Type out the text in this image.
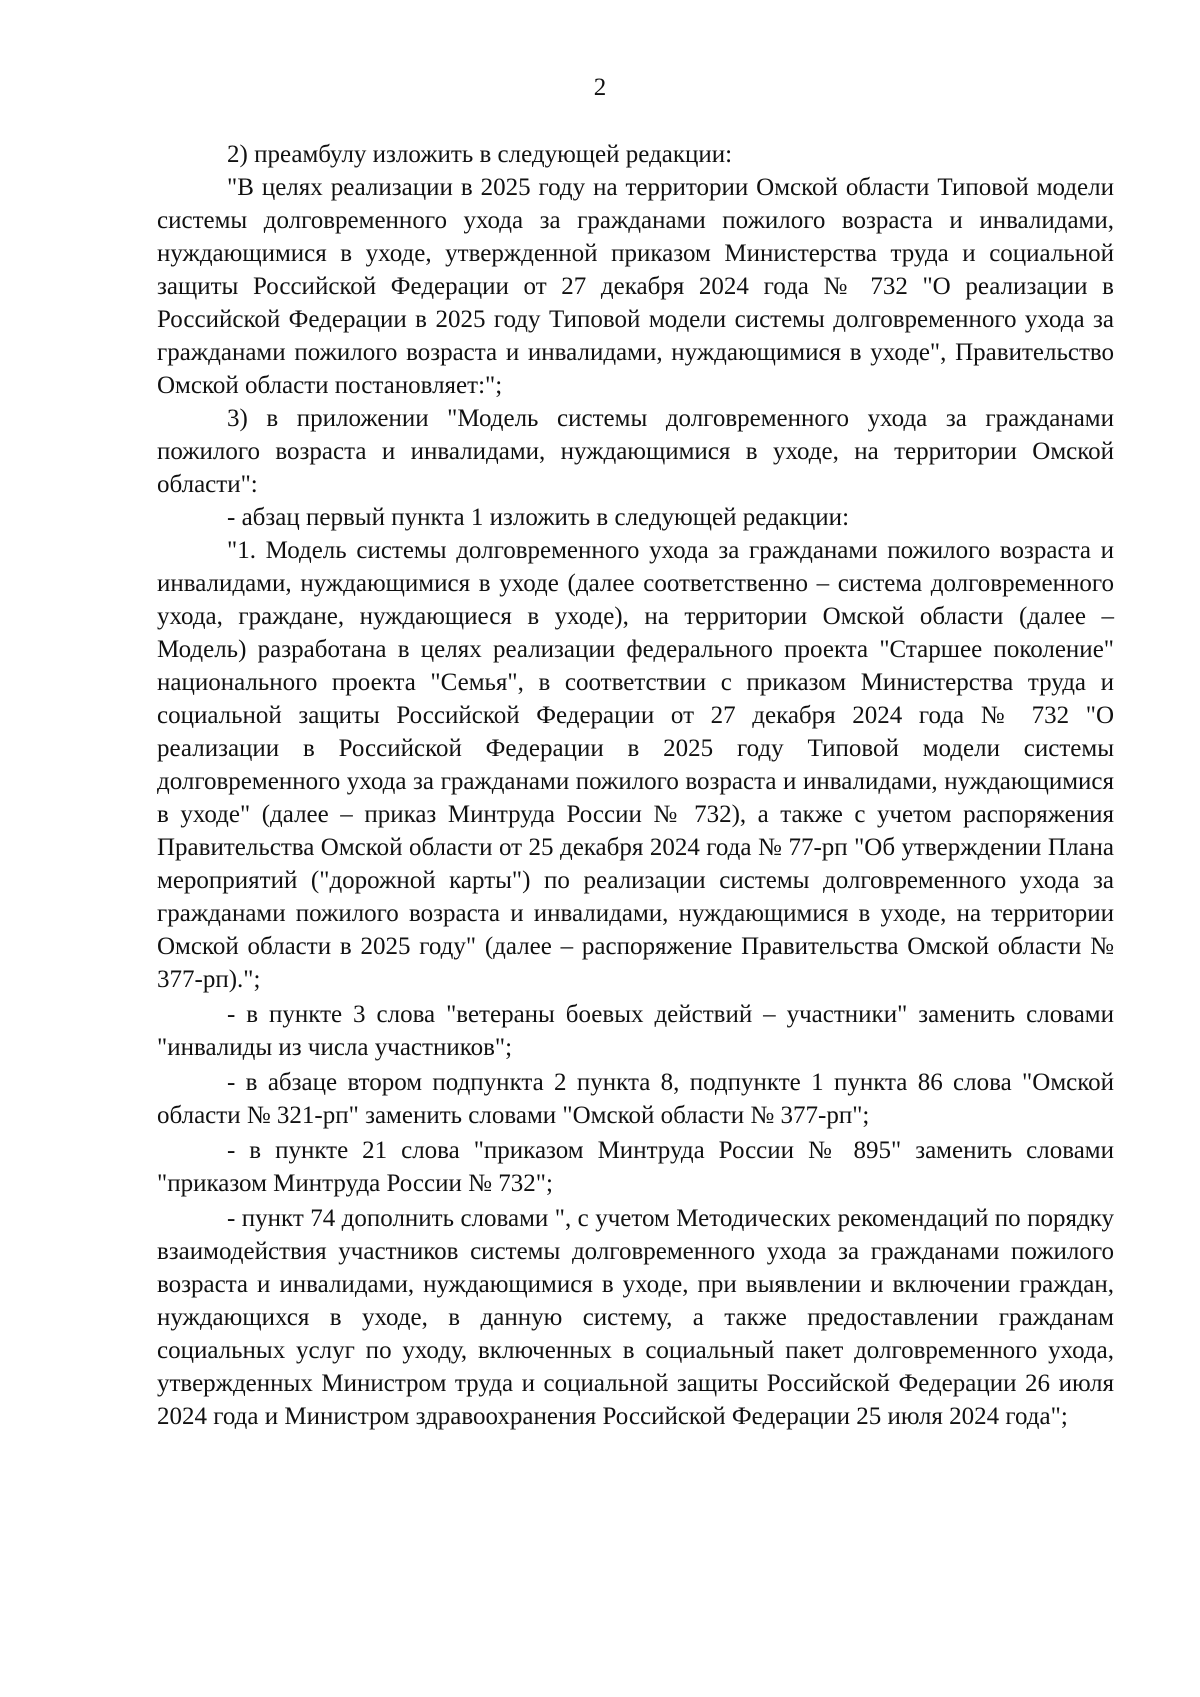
2

2) преамбулу изложить в следующей редакции:

"В целях реализации в 2025 году на территории Омской области Типовой модели системы долговременного ухода за гражданами пожилого возраста и инвалидами, нуждающимися в уходе, утвержденной приказом Министерства труда и социальной защиты Российской Федерации от 27 декабря 2024 года № 732 "О реализации в Российской Федерации в 2025 году Типовой модели системы долговременного ухода за гражданами пожилого возраста и инвалидами, нуждающимися в уходе", Правительство Омской области постановляет:";

3) в приложении "Модель системы долговременного ухода за гражданами пожилого возраста и инвалидами, нуждающимися в уходе, на территории Омской области":

- абзац первый пункта 1 изложить в следующей редакции:

"1. Модель системы долговременного ухода за гражданами пожилого возраста и инвалидами, нуждающимися в уходе (далее соответственно – система долговременного ухода, граждане, нуждающиеся в уходе), на территории Омской области (далее – Модель) разработана в целях реализации федерального проекта "Старшее поколение" национального проекта "Семья", в соответствии с приказом Министерства труда и социальной защиты Российской Федерации от 27 декабря 2024 года № 732 "О реализации в Российской Федерации в 2025 году Типовой модели системы долговременного ухода за гражданами пожилого возраста и инвалидами, нуждающимися в уходе" (далее – приказ Минтруда России № 732), а также с учетом распоряжения Правительства Омской области от 25 декабря 2024 года № 77-рп "Об утверждении Плана мероприятий ("дорожной карты") по реализации системы долговременного ухода за гражданами пожилого возраста и инвалидами, нуждающимися в уходе, на территории Омской области в 2025 году" (далее – распоряжение Правительства Омской области № 377-рп).";

- в пункте 3 слова "ветераны боевых действий – участники" заменить словами "инвалиды из числа участников";

- в абзаце втором подпункта 2 пункта 8, подпункте 1 пункта 86 слова "Омской области № 321-рп" заменить словами "Омской области № 377-рп";

- в пункте 21 слова "приказом Минтруда России № 895" заменить словами "приказом Минтруда России № 732";

- пункт 74 дополнить словами ", с учетом Методических рекомендаций по порядку взаимодействия участников системы долговременного ухода за гражданами пожилого возраста и инвалидами, нуждающимися в уходе, при выявлении и включении граждан, нуждающихся в уходе, в данную систему, а также предоставлении гражданам социальных услуг по уходу, включенных в социальный пакет долговременного ухода, утвержденных Министром труда и социальной защиты Российской Федерации 26 июля 2024 года и Министром здравоохранения Российской Федерации 25 июля 2024 года";
